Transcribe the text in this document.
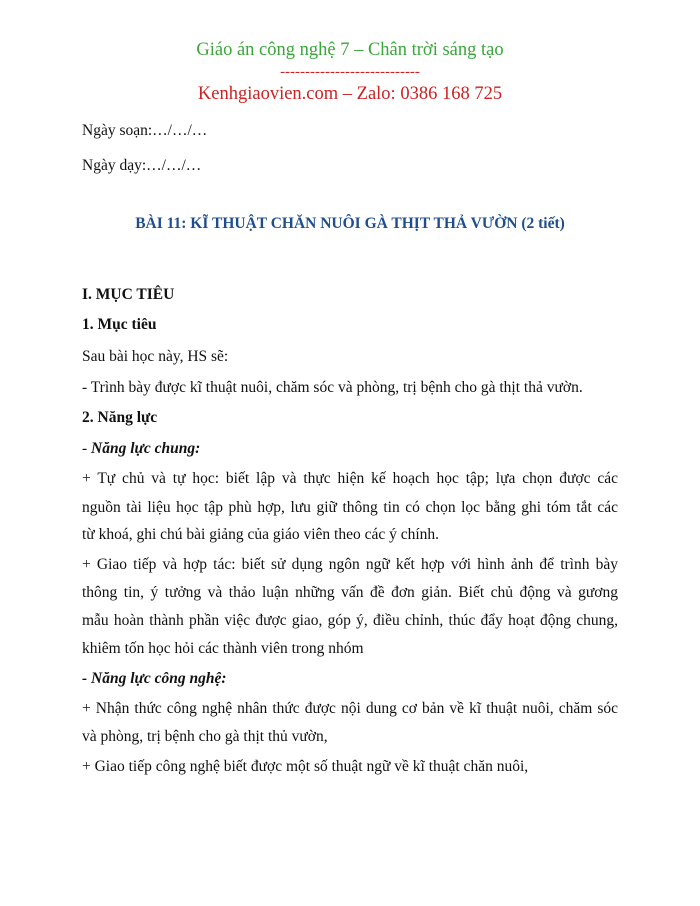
Giáo án công nghệ 7 – Chân trời sáng tạo
----------------------------
Kenhgiaovien.com – Zalo: 0386 168 725
Ngày soạn:…/…/…
Ngày dạy:…/…/…
BÀI 11: KĨ THUẬT CHĂN NUÔI GÀ THỊT THẢ VƯỜN (2 tiết)
I. MỤC TIÊU
1. Mục tiêu
Sau bài học này, HS sẽ:
- Trình bày được kĩ thuật nuôi, chăm sóc và phòng, trị bệnh cho gà thịt thả vườn.
2. Năng lực
- Năng lực chung:
+ Tự chủ và tự học: biết lập và thực hiện kế hoạch học tập; lựa chọn được các
nguồn tài liệu học tập phù hợp, lưu giữ thông tin có chọn lọc bằng ghi tóm tắt các
từ khoá, ghi chú bài giảng của giáo viên theo các ý chính.
+ Giao tiếp và hợp tác: biết sử dụng ngôn ngữ kết hợp với hình ảnh để trình bày
thông tin, ý tưởng và thảo luận những vấn đề đơn giản. Biết chủ động và gương
mẫu hoàn thành phần việc được giao, góp ý, điều chỉnh, thúc đẩy hoạt động chung,
khiêm tốn học hỏi các thành viên trong nhóm
- Năng lực công nghệ:
+ Nhận thức công nghệ nhân thức được nội dung cơ bản về kĩ thuật nuôi, chăm sóc
và phòng, trị bệnh cho gà thịt thủ vườn,
+ Giao tiếp công nghệ biết được một số thuật ngữ về kĩ thuật chăn nuôi,
